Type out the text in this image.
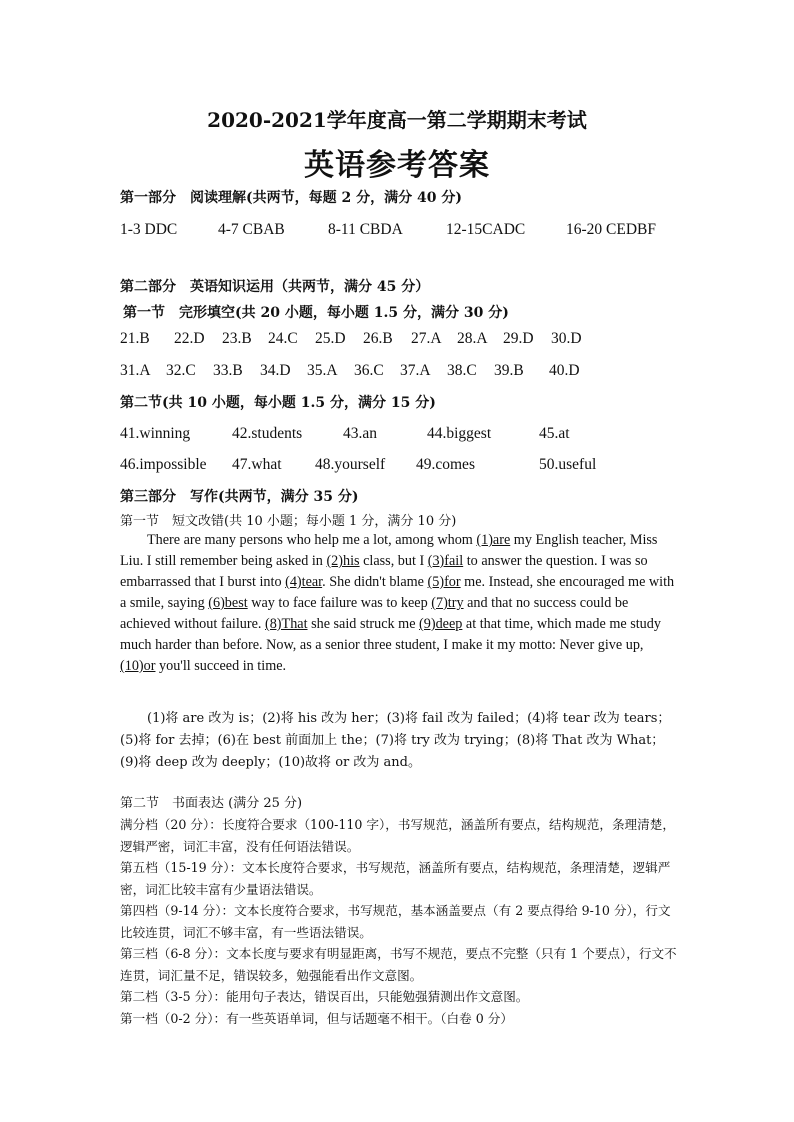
2020-2021学年度高一第二学期期末考试
英语参考答案
第一部分　阅读理解(共两节，每题 2 分，满分 40 分)
1-3 DDC	4-7 CBAB	8-11 CBDA	12-15CADC	16-20 CEDBF
第二部分　英语知识运用（共两节，满分 45 分）
第一节　完形填空(共 20 小题，每小题 1.5 分，满分 30 分)
21.B 22.D 23.B 24.C 25.D 26.B 27.A 28.A 29.D 30.D
31.A 32.C 33.B 34.D 35.A 36.C 37.A 38.C 39.B 40.D
第二节(共 10 小题，每小题 1.5 分，满分 15 分)
41.winning	42.students	43.an	44.biggest	45.at
46.impossible 47.what 48.yourself 49.comes	50.useful
第三部分　写作(共两节，满分 35 分)
第一节　短文改错(共 10 小题；每小题 1 分，满分 10 分)

There are many persons who help me a lot, among whom (1)are my English teacher, Miss Liu. I still remember being asked in (2)his class, but I (3)fail to answer the question. I was so embarrassed that I burst into (4)tear. She didn't blame (5)for me. Instead, she encouraged me with a smile, saying (6)best way to face failure was to keep (7)try and that no success could be achieved without failure. (8)That she said struck me (9)deep at that time, which made me study much harder than before. Now, as a senior three student, I make it my motto: Never give up, (10)or you'll succeed in time.

(1)将 are 改为 is；(2)将 his 改为 her；(3)将 fail 改为 failed；(4)将 tear 改为 tears；(5)将 for 去掉；(6)在 best 前面加上 the；(7)将 try 改为 trying；(8)将 That 改为 What；(9)将 deep 改为 deeply；(10)故将 or 改为 and。

第二节　书面表达 (满分 25 分)

满分档（20 分）：长度符合要求（100-110 字），书写规范，涵盖所有要点，结构规范，条理清楚，逻辑严密，词汇丰富，没有任何语法错误。

第五档（15-19 分）：文本长度符合要求，书写规范，涵盖所有要点，结构规范，条理清楚，逻辑严密，词汇比较丰富有少量语法错误。

第四档（9-14 分）：文本长度符合要求，书写规范，基本涵盖要点（有 2 要点得给 9-10 分），行文比较连贯，词汇不够丰富，有一些语法错误。

第三档（6-8 分）：文本长度与要求有明显距离，书写不规范，要点不完整（只有 1 个要点），行文不连贯，词汇量不足，错误较多，勉强能看出作文意图。

第二档（3-5 分）：能用句子表达，错误百出，只能勉强猜测出作文意图。

第一档（0-2 分）：有一些英语单词，但与话题毫不相干。（白卷 0 分）
